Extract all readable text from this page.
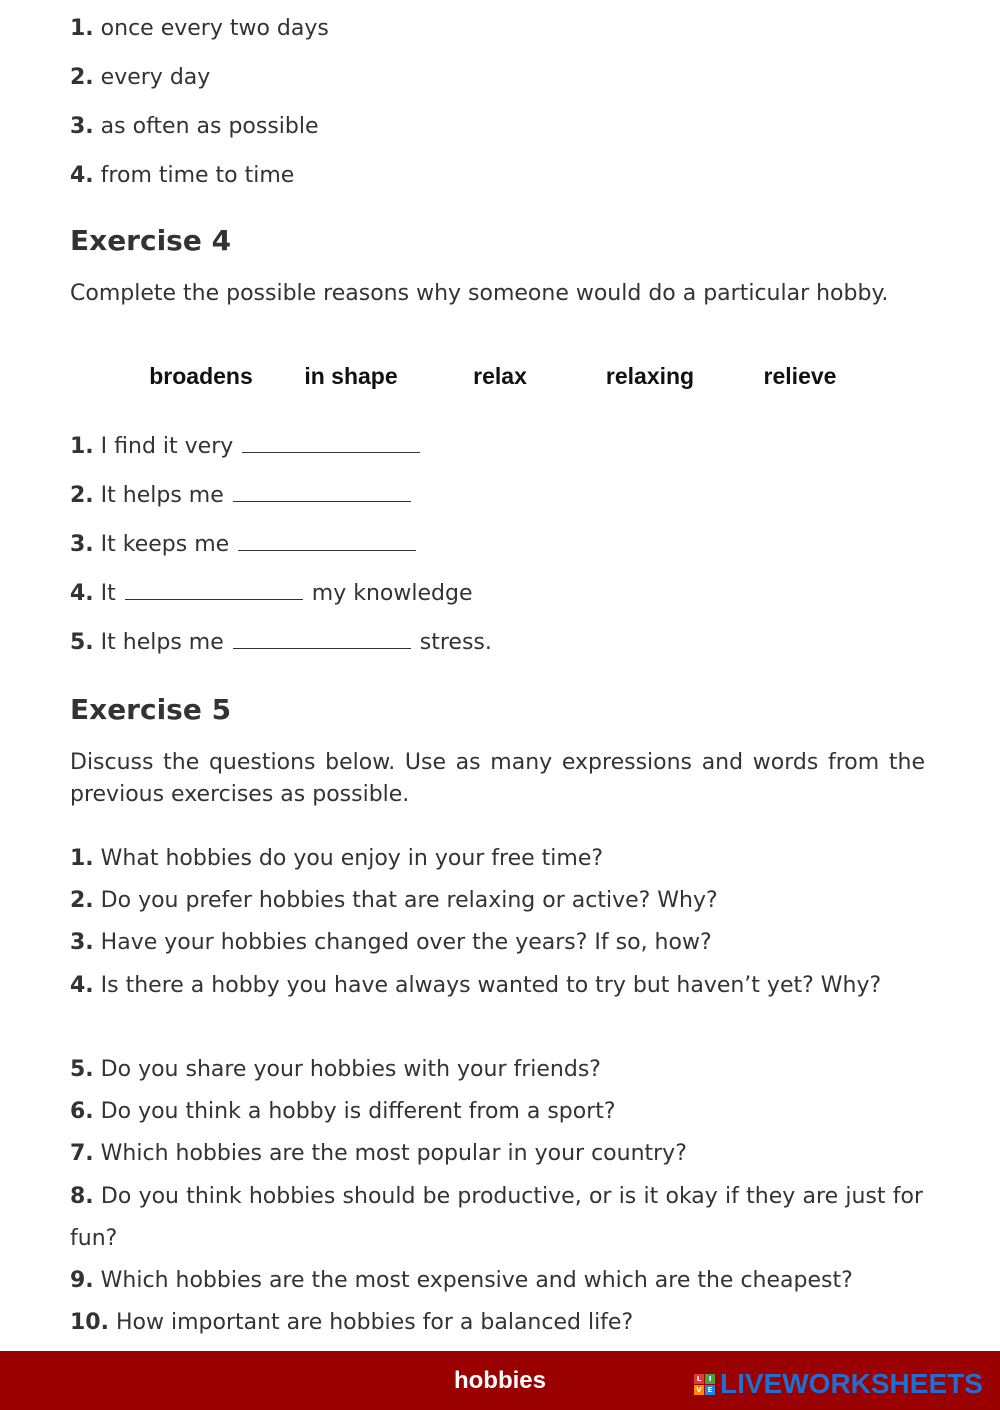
1. once every two days
2. every day
3. as often as possible
4. from time to time
Exercise 4
Complete the possible reasons why someone would do a particular hobby.
broadens	in shape	relax	relaxing	relieve
1. I find it very
2. It helps me
3. It keeps me
4. It	my knowledge
5. It helps me	stress.
Exercise 5
Discuss the questions below. Use as many expressions and words from the previous exercises as possible.
1. What hobbies do you enjoy in your free time?
2. Do you prefer hobbies that are relaxing or active? Why?
3. Have your hobbies changed over the years? If so, how?
4. Is there a hobby you have always wanted to try but haven’t yet? Why?
5. Do you share your hobbies with your friends?
6. Do you think a hobby is different from a sport?
7. Which hobbies are the most popular in your country?
8. Do you think hobbies should be productive, or is it okay if they are just for fun?
9. Which hobbies are the most expensive and which are the cheapest?
10. How important are hobbies for a balanced life?
hobbies	L	I
V E LIVEWORKSHEETS
